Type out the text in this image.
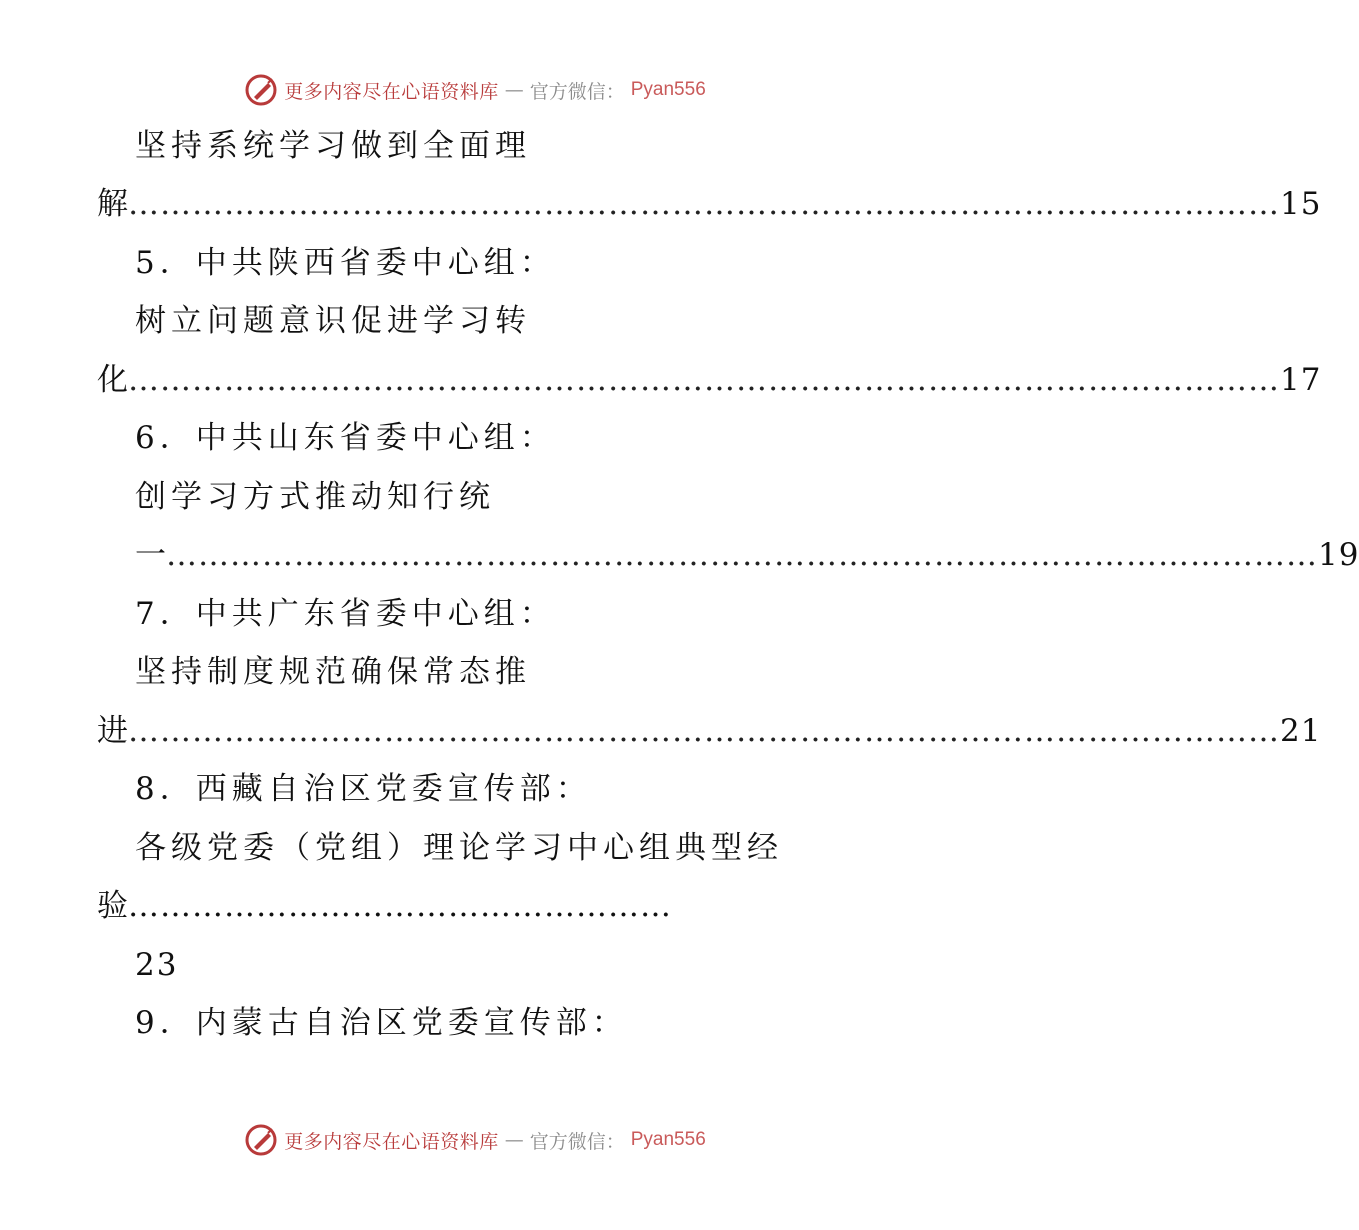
更多内容尽在心语资料库 — 官方微信： Pyan556
坚持系统学习做到全面理
解 ……………………………………………………………………………………………… 15
5．中共陕西省委中心组：
树立问题意识促进学习转
化 ……………………………………………………………………………………………… 17
6．中共山东省委中心组：
创学习方式推动知行统
一 ……………………………………………………………………………………………… 19
7．中共广东省委中心组：
坚持制度规范确保常态推
进 ……………………………………………………………………………………………… 21
8．西藏自治区党委宣传部：
各级党委（党组）理论学习中心组典型经
验……………………………………………
23
9．内蒙古自治区党委宣传部：
更多内容尽在心语资料库 — 官方微信： Pyan556
